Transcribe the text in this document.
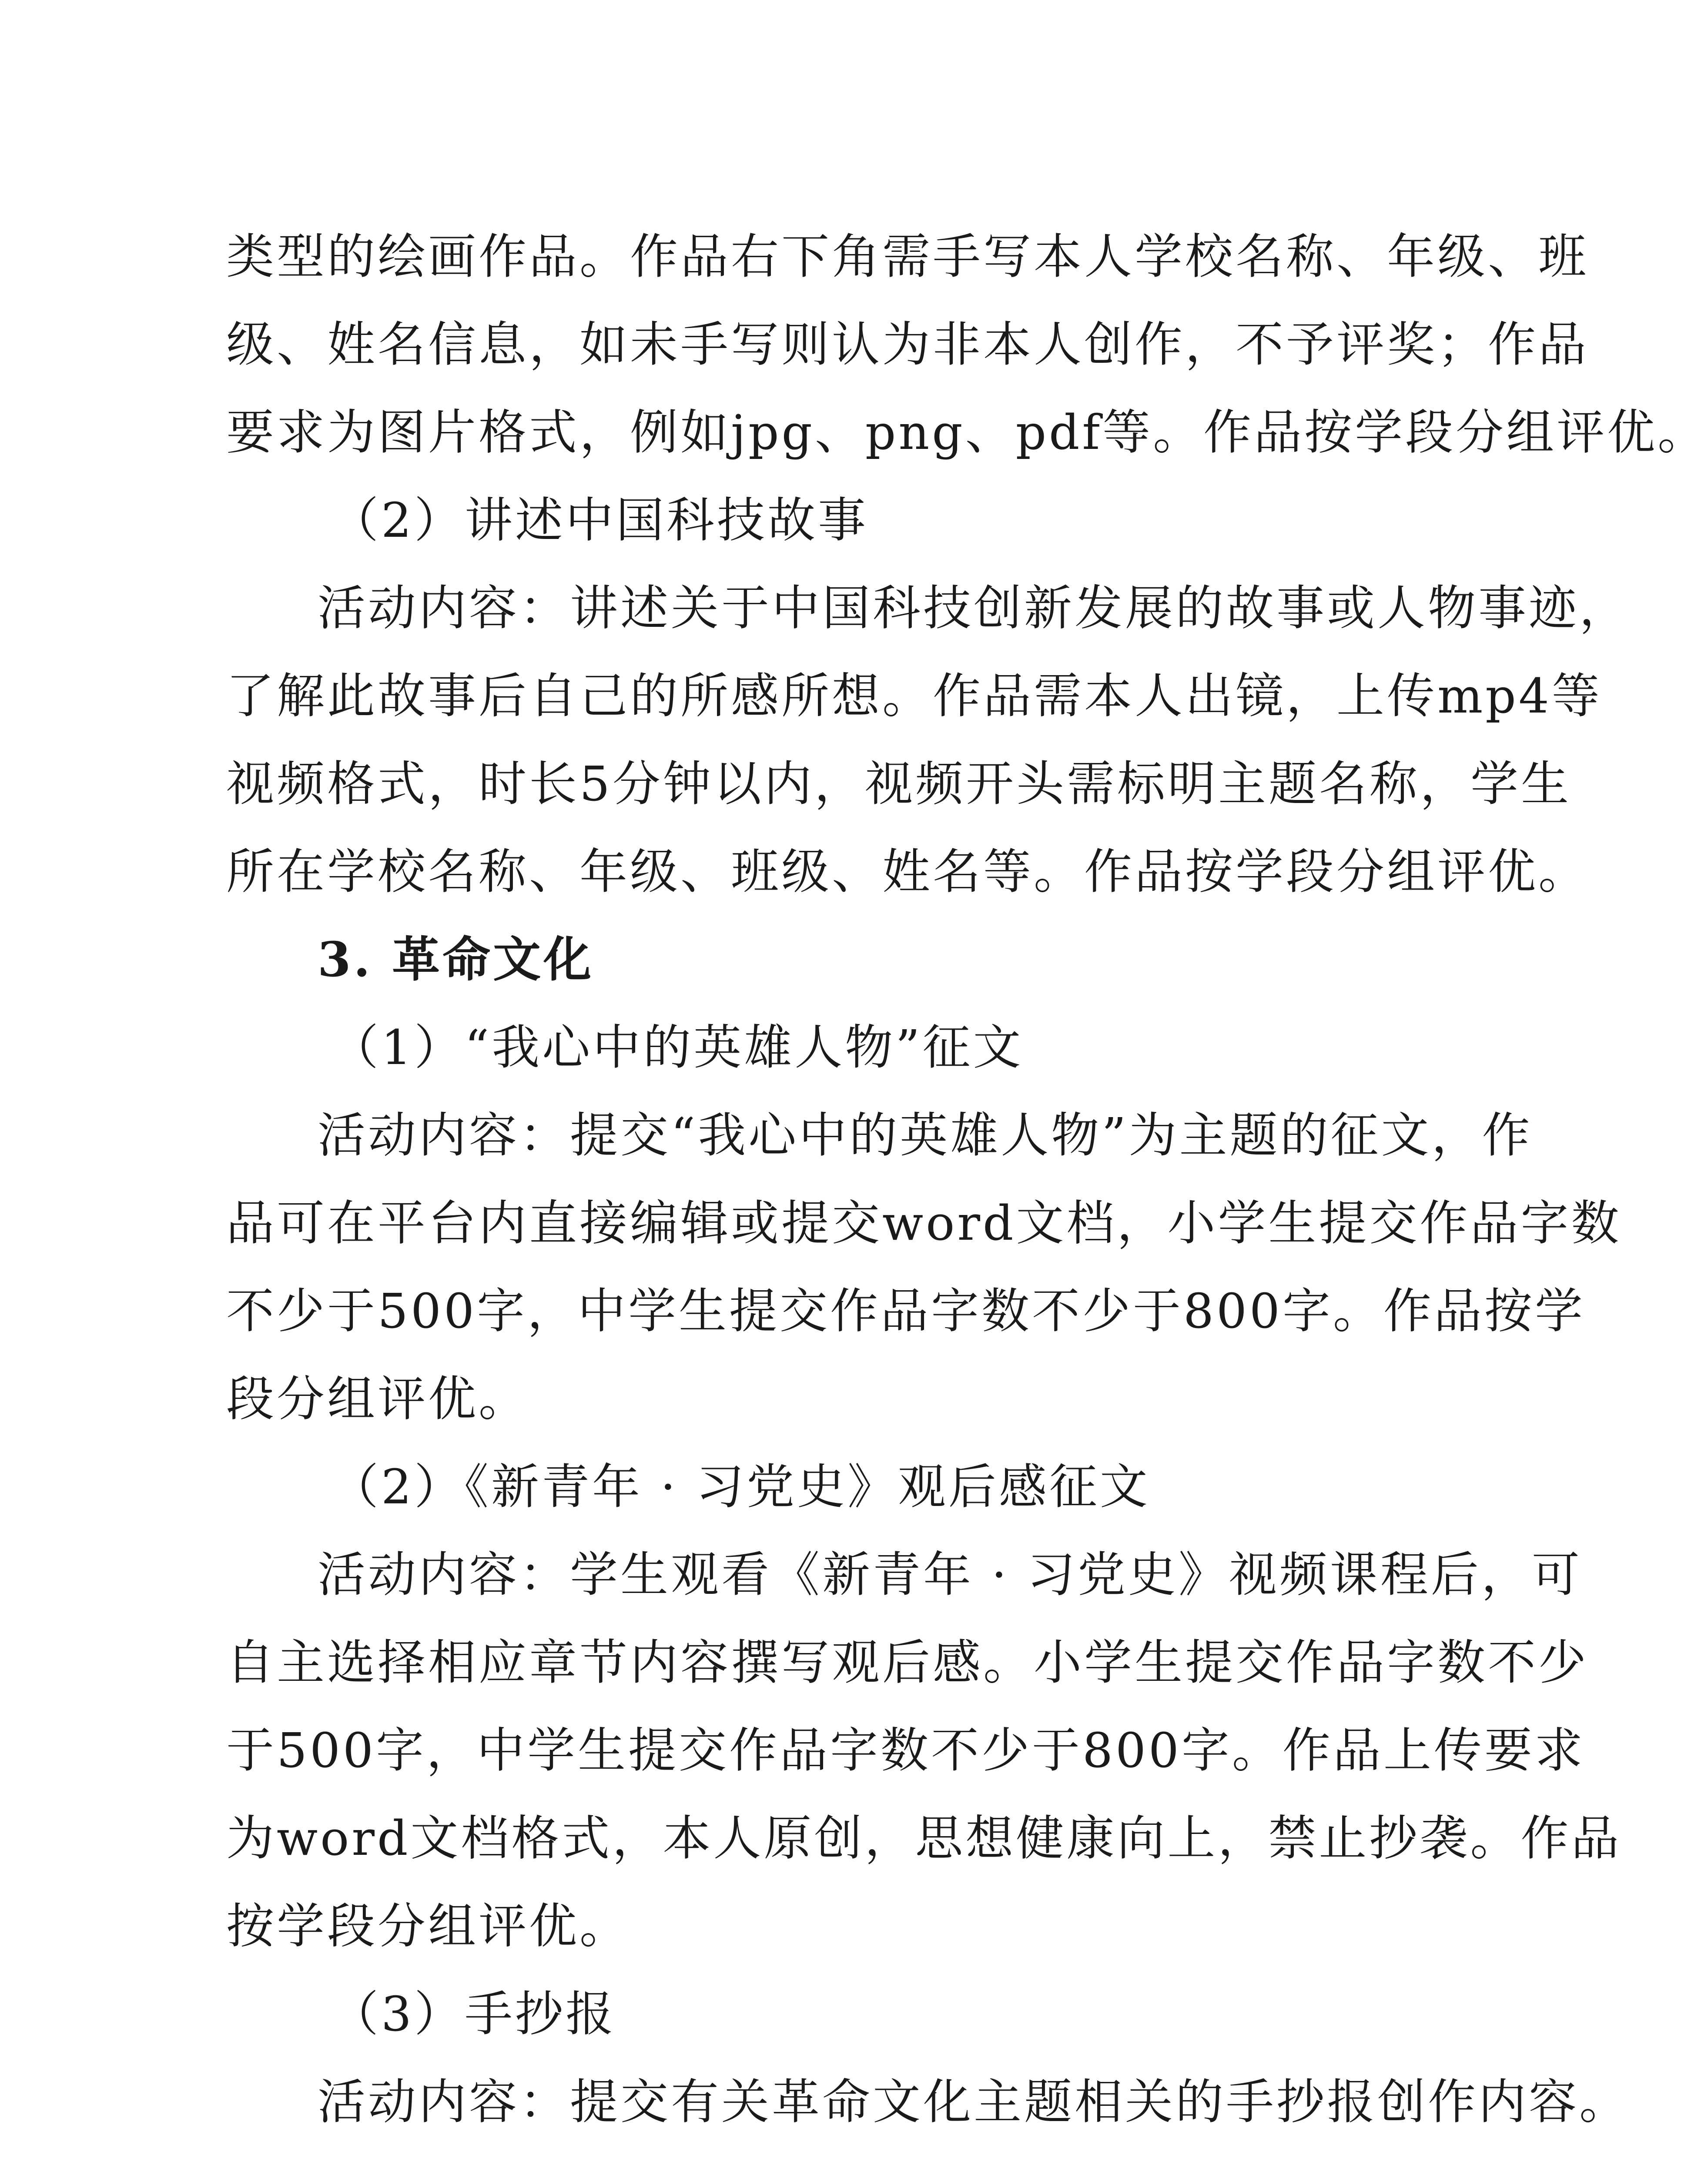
类型的绘画作品。作品右下角需手写本人学校名称、年级、班
级、姓名信息，如未手写则认为非本人创作，不予评奖；作品
要求为图片格式，例如jpg、png、pdf等。作品按学段分组评优。
（2）讲述中国科技故事
活动内容：讲述关于中国科技创新发展的故事或人物事迹，
了解此故事后自己的所感所想。作品需本人出镜，上传mp4等
视频格式，时长5分钟以内，视频开头需标明主题名称，学生
所在学校名称、年级、班级、姓名等。作品按学段分组评优。
3. 革命文化
（1）“我心中的英雄人物”征文
活动内容：提交“我心中的英雄人物”为主题的征文，作
品可在平台内直接编辑或提交word文档，小学生提交作品字数
不少于500字，中学生提交作品字数不少于800字。作品按学
段分组评优。
（2）《新青年 · 习党史》观后感征文
活动内容：学生观看《新青年 · 习党史》视频课程后，可
自主选择相应章节内容撰写观后感。小学生提交作品字数不少
于500字，中学生提交作品字数不少于800字。作品上传要求
为word文档格式，本人原创，思想健康向上，禁止抄袭。作品
按学段分组评优。
（3）手抄报
活动内容：提交有关革命文化主题相关的手抄报创作内容。
